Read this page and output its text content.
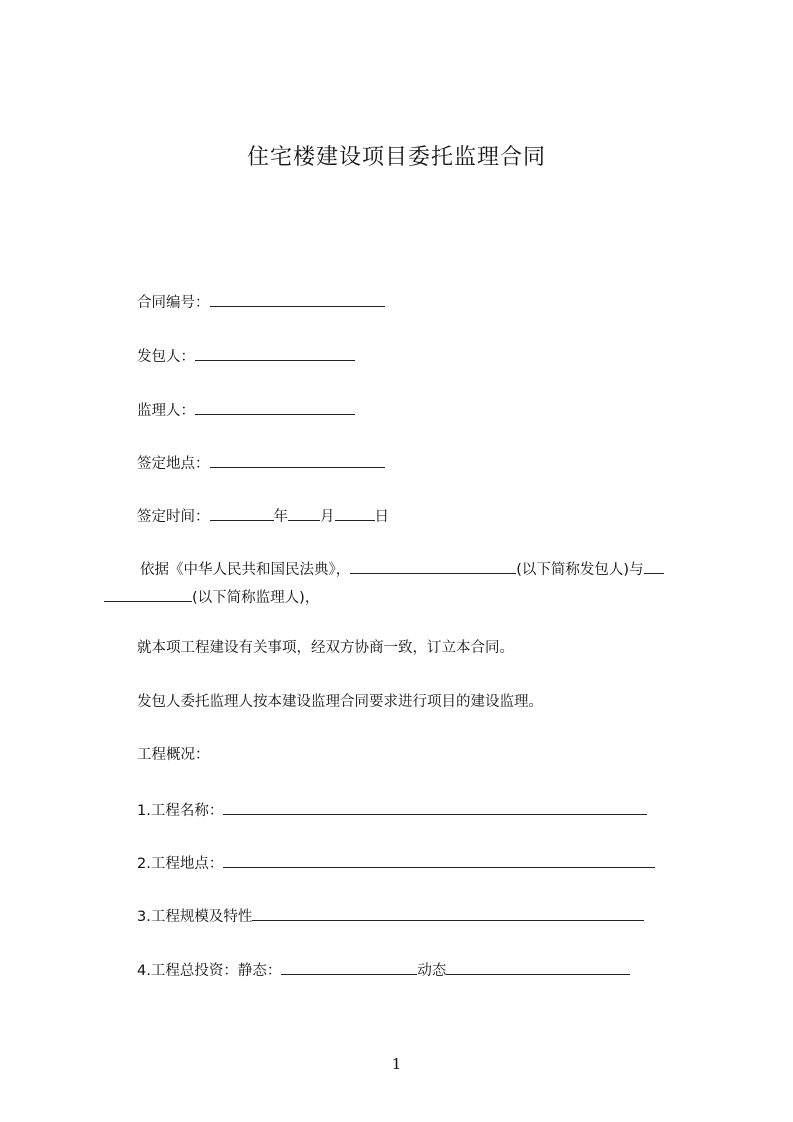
住宅楼建设项目委托监理合同
合同编号：
发包人：
监理人：
签定地点：
签定时间：	年 月	日
依据《中华人民共和国民法典》，	(以下简称发包人)与
(以下简称监理人)，
就本项工程建设有关事项，经双方协商一致，订立本合同。
发包人委托监理人按本建设监理合同要求进行项目的建设监理。
工程概况：
1.工程名称：
2.工程地点：
3.工程规模及特性
4.工程总投资：静态：	动态
1
